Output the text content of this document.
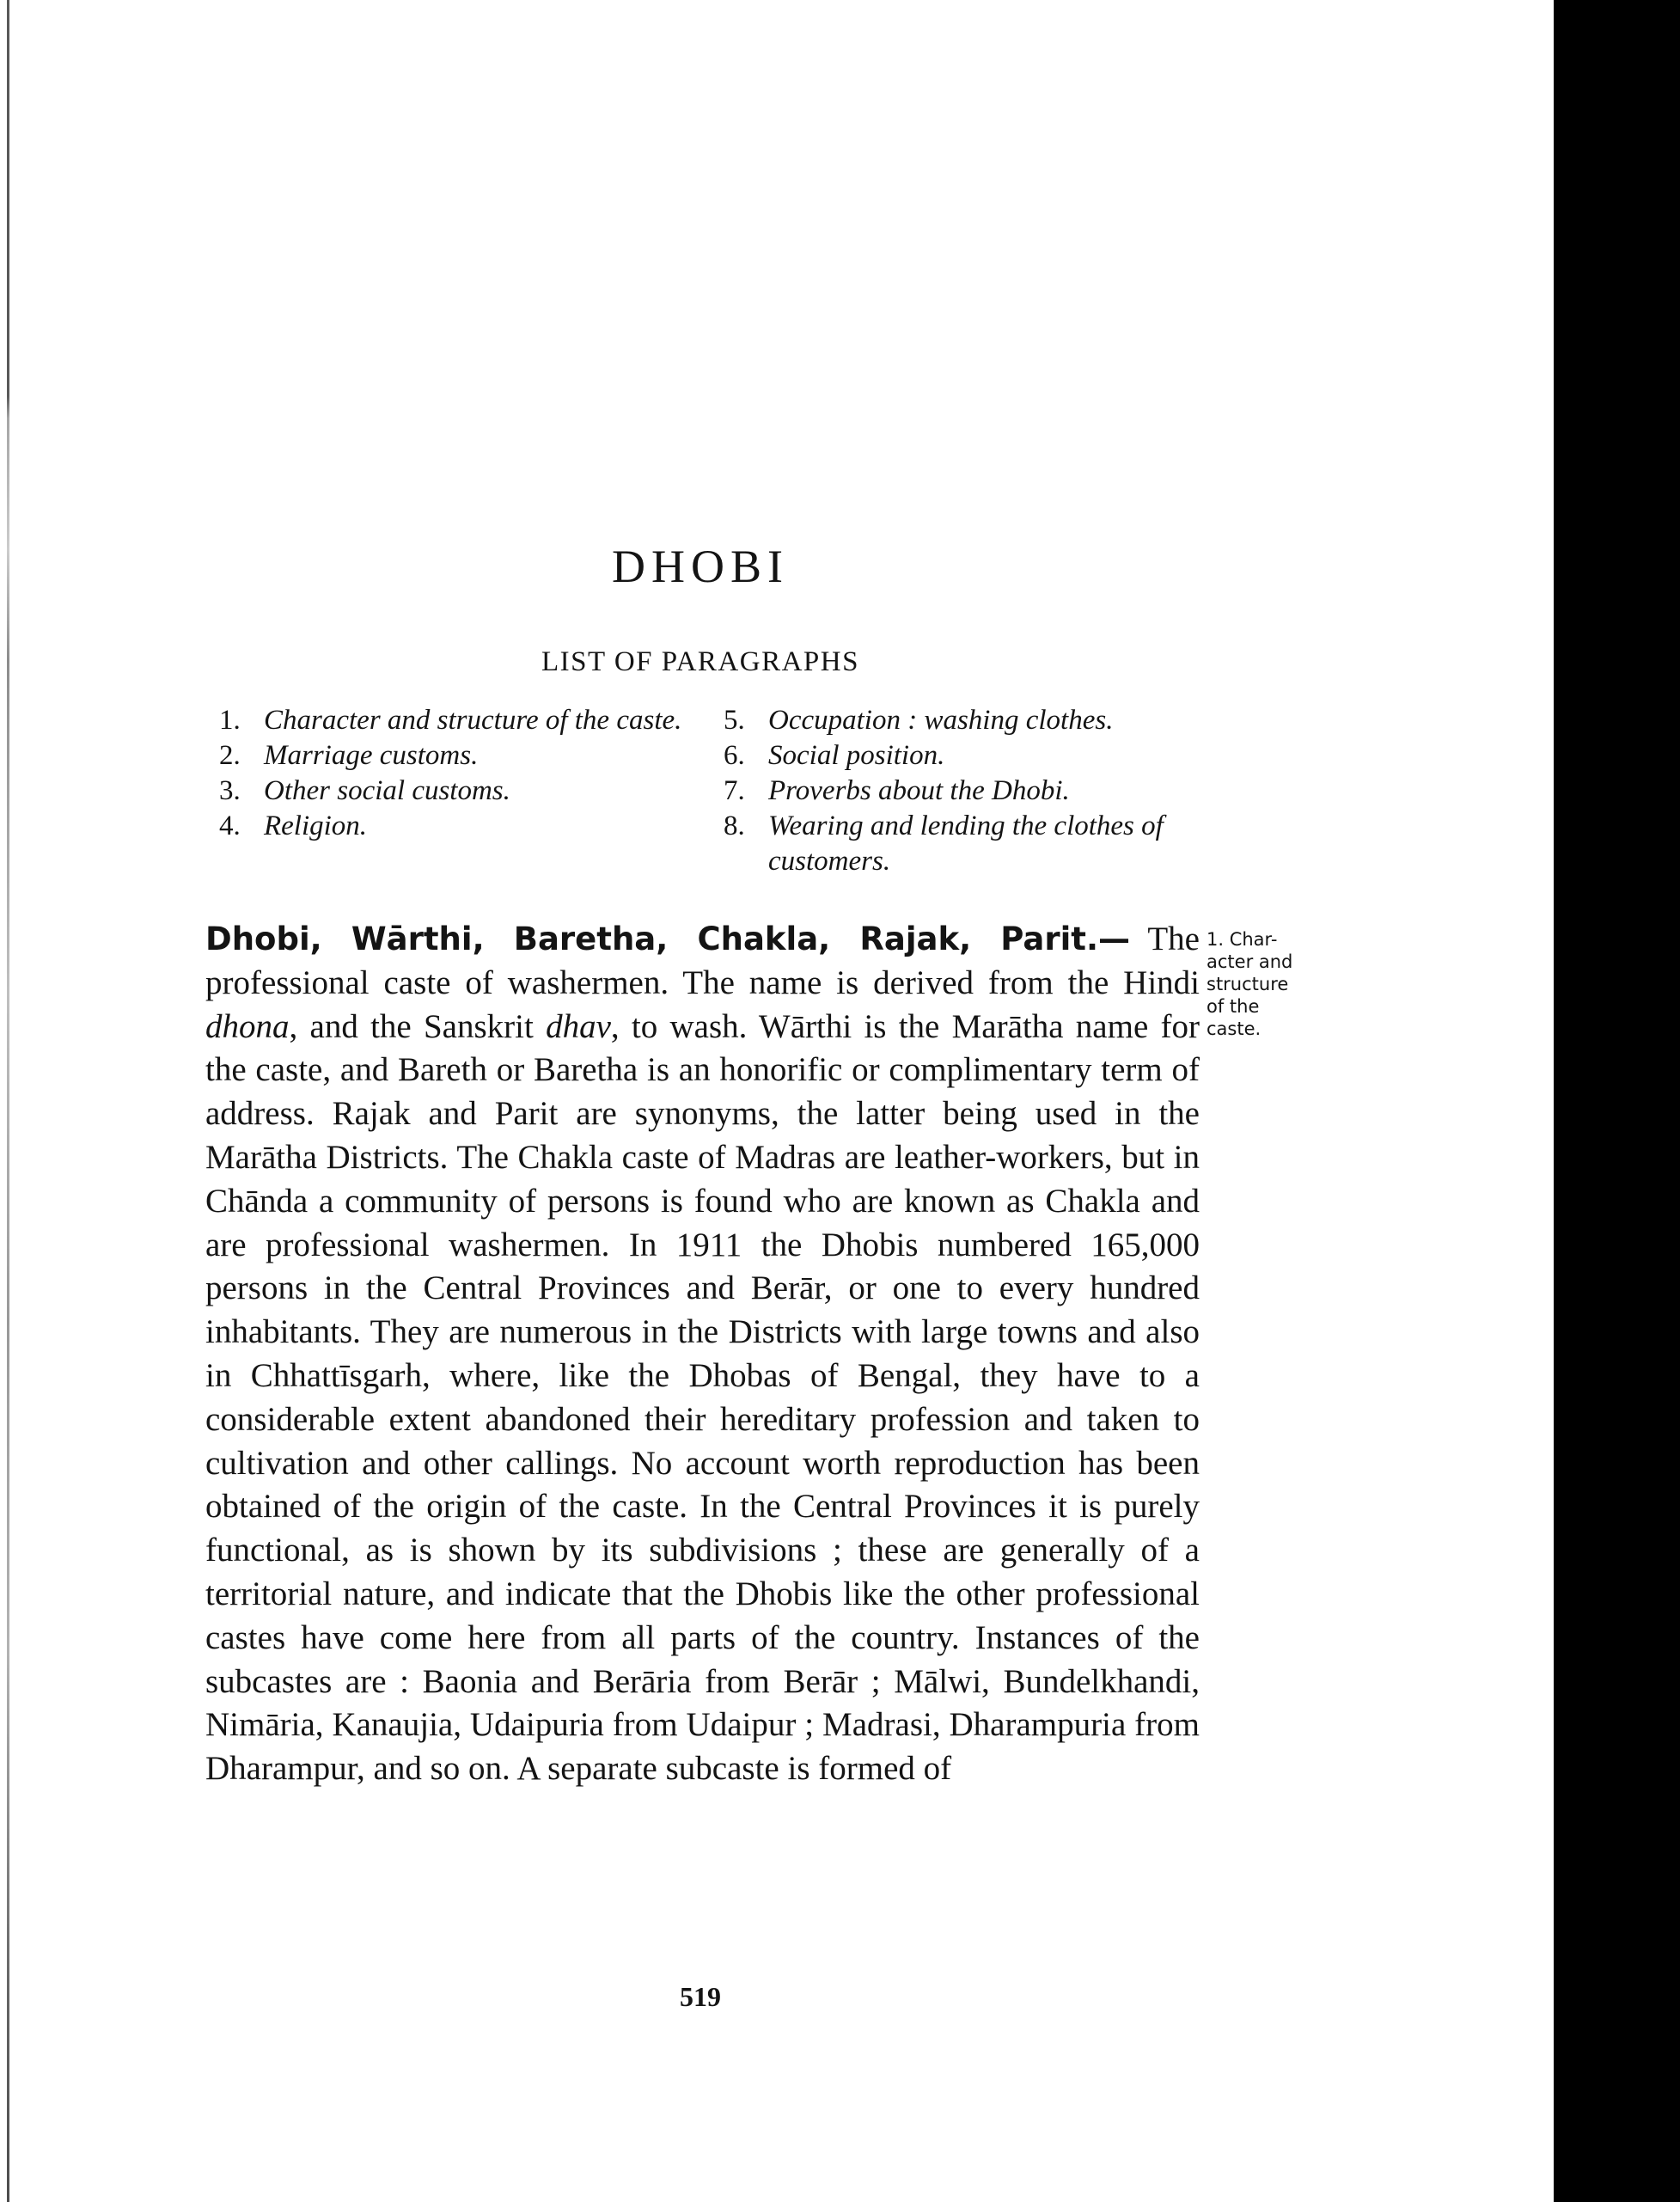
DHOBI
LIST OF PARAGRAPHS
1. Character and structure of the caste.
2. Marriage customs.
3. Other social customs.
4. Religion.
5. Occupation : washing clothes.
6. Social position.
7. Proverbs about the Dhobi.
8. Wearing and lending the clothes of customers.
Dhobi, Wārthi, Baretha, Chakla, Rajak, Parit.— The professional caste of washermen. The name is derived from the Hindi dhona, and the Sanskrit dhav, to wash. Wārthi is the Marātha name for the caste, and Bareth or Baretha is an honorific or complimentary term of address. Rajak and Parit are synonyms, the latter being used in the Marātha Districts. The Chakla caste of Madras are leather-workers, but in Chānda a community of persons is found who are known as Chakla and are professional washermen. In 1911 the Dhobis numbered 165,000 persons in the Central Provinces and Berār, or one to every hundred inhabitants. They are numerous in the Districts with large towns and also in Chhattīsgarh, where, like the Dhobas of Bengal, they have to a considerable extent abandoned their hereditary profession and taken to cultivation and other callings. No account worth reproduction has been obtained of the origin of the caste. In the Central Provinces it is purely functional, as is shown by its subdivisions ; these are generally of a territorial nature, and indicate that the Dhobis like the other professional castes have come here from all parts of the country. Instances of the subcastes are : Baonia and Berāria from Berār ; Mālwi, Bundelkhandi, Nimāria, Kanaujia, Udaipuria from Udaipur ; Madrasi, Dharampuria from Dharampur, and so on. A separate subcaste is formed of
1. Char-
acter and
structure
of the
caste.
519
